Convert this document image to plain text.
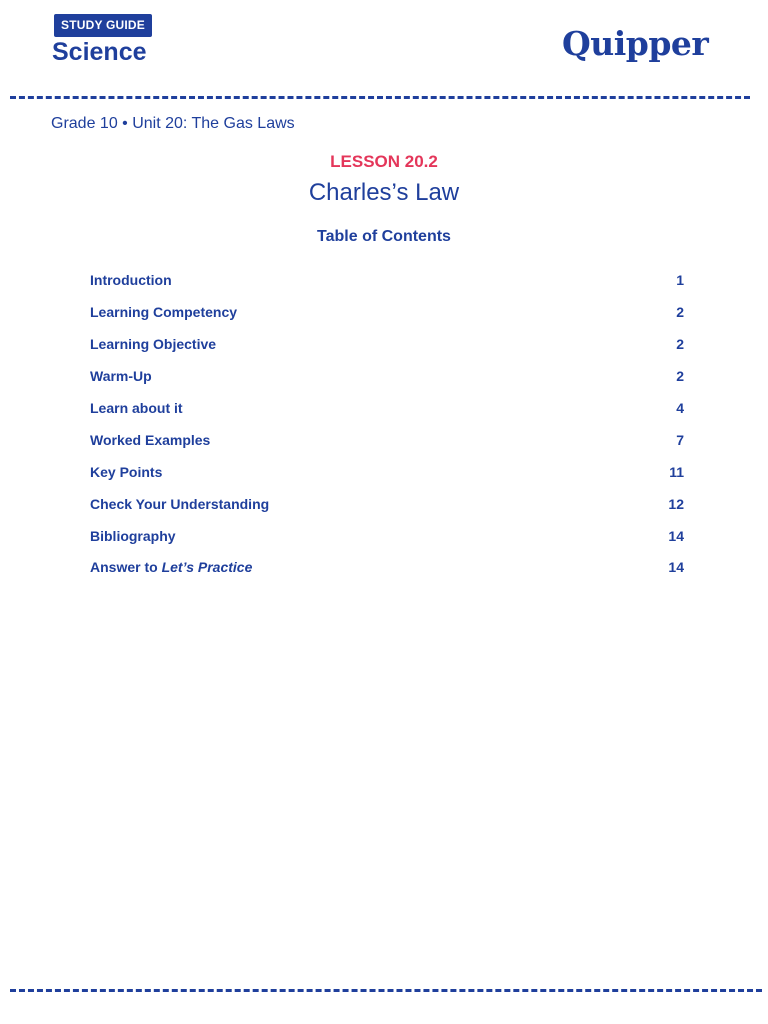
STUDY GUIDE
Science	Quipper
Grade 10 • Unit 20: The Gas Laws
LESSON 20.2
Charles’s Law
Table of Contents
Introduction	1
Learning Competency	2
Learning Objective	2
Warm-Up	2
Learn about it	4
Worked Examples	7
Key Points	11
Check Your Understanding	12
Bibliography	14
Answer to Let’s Practice	14
